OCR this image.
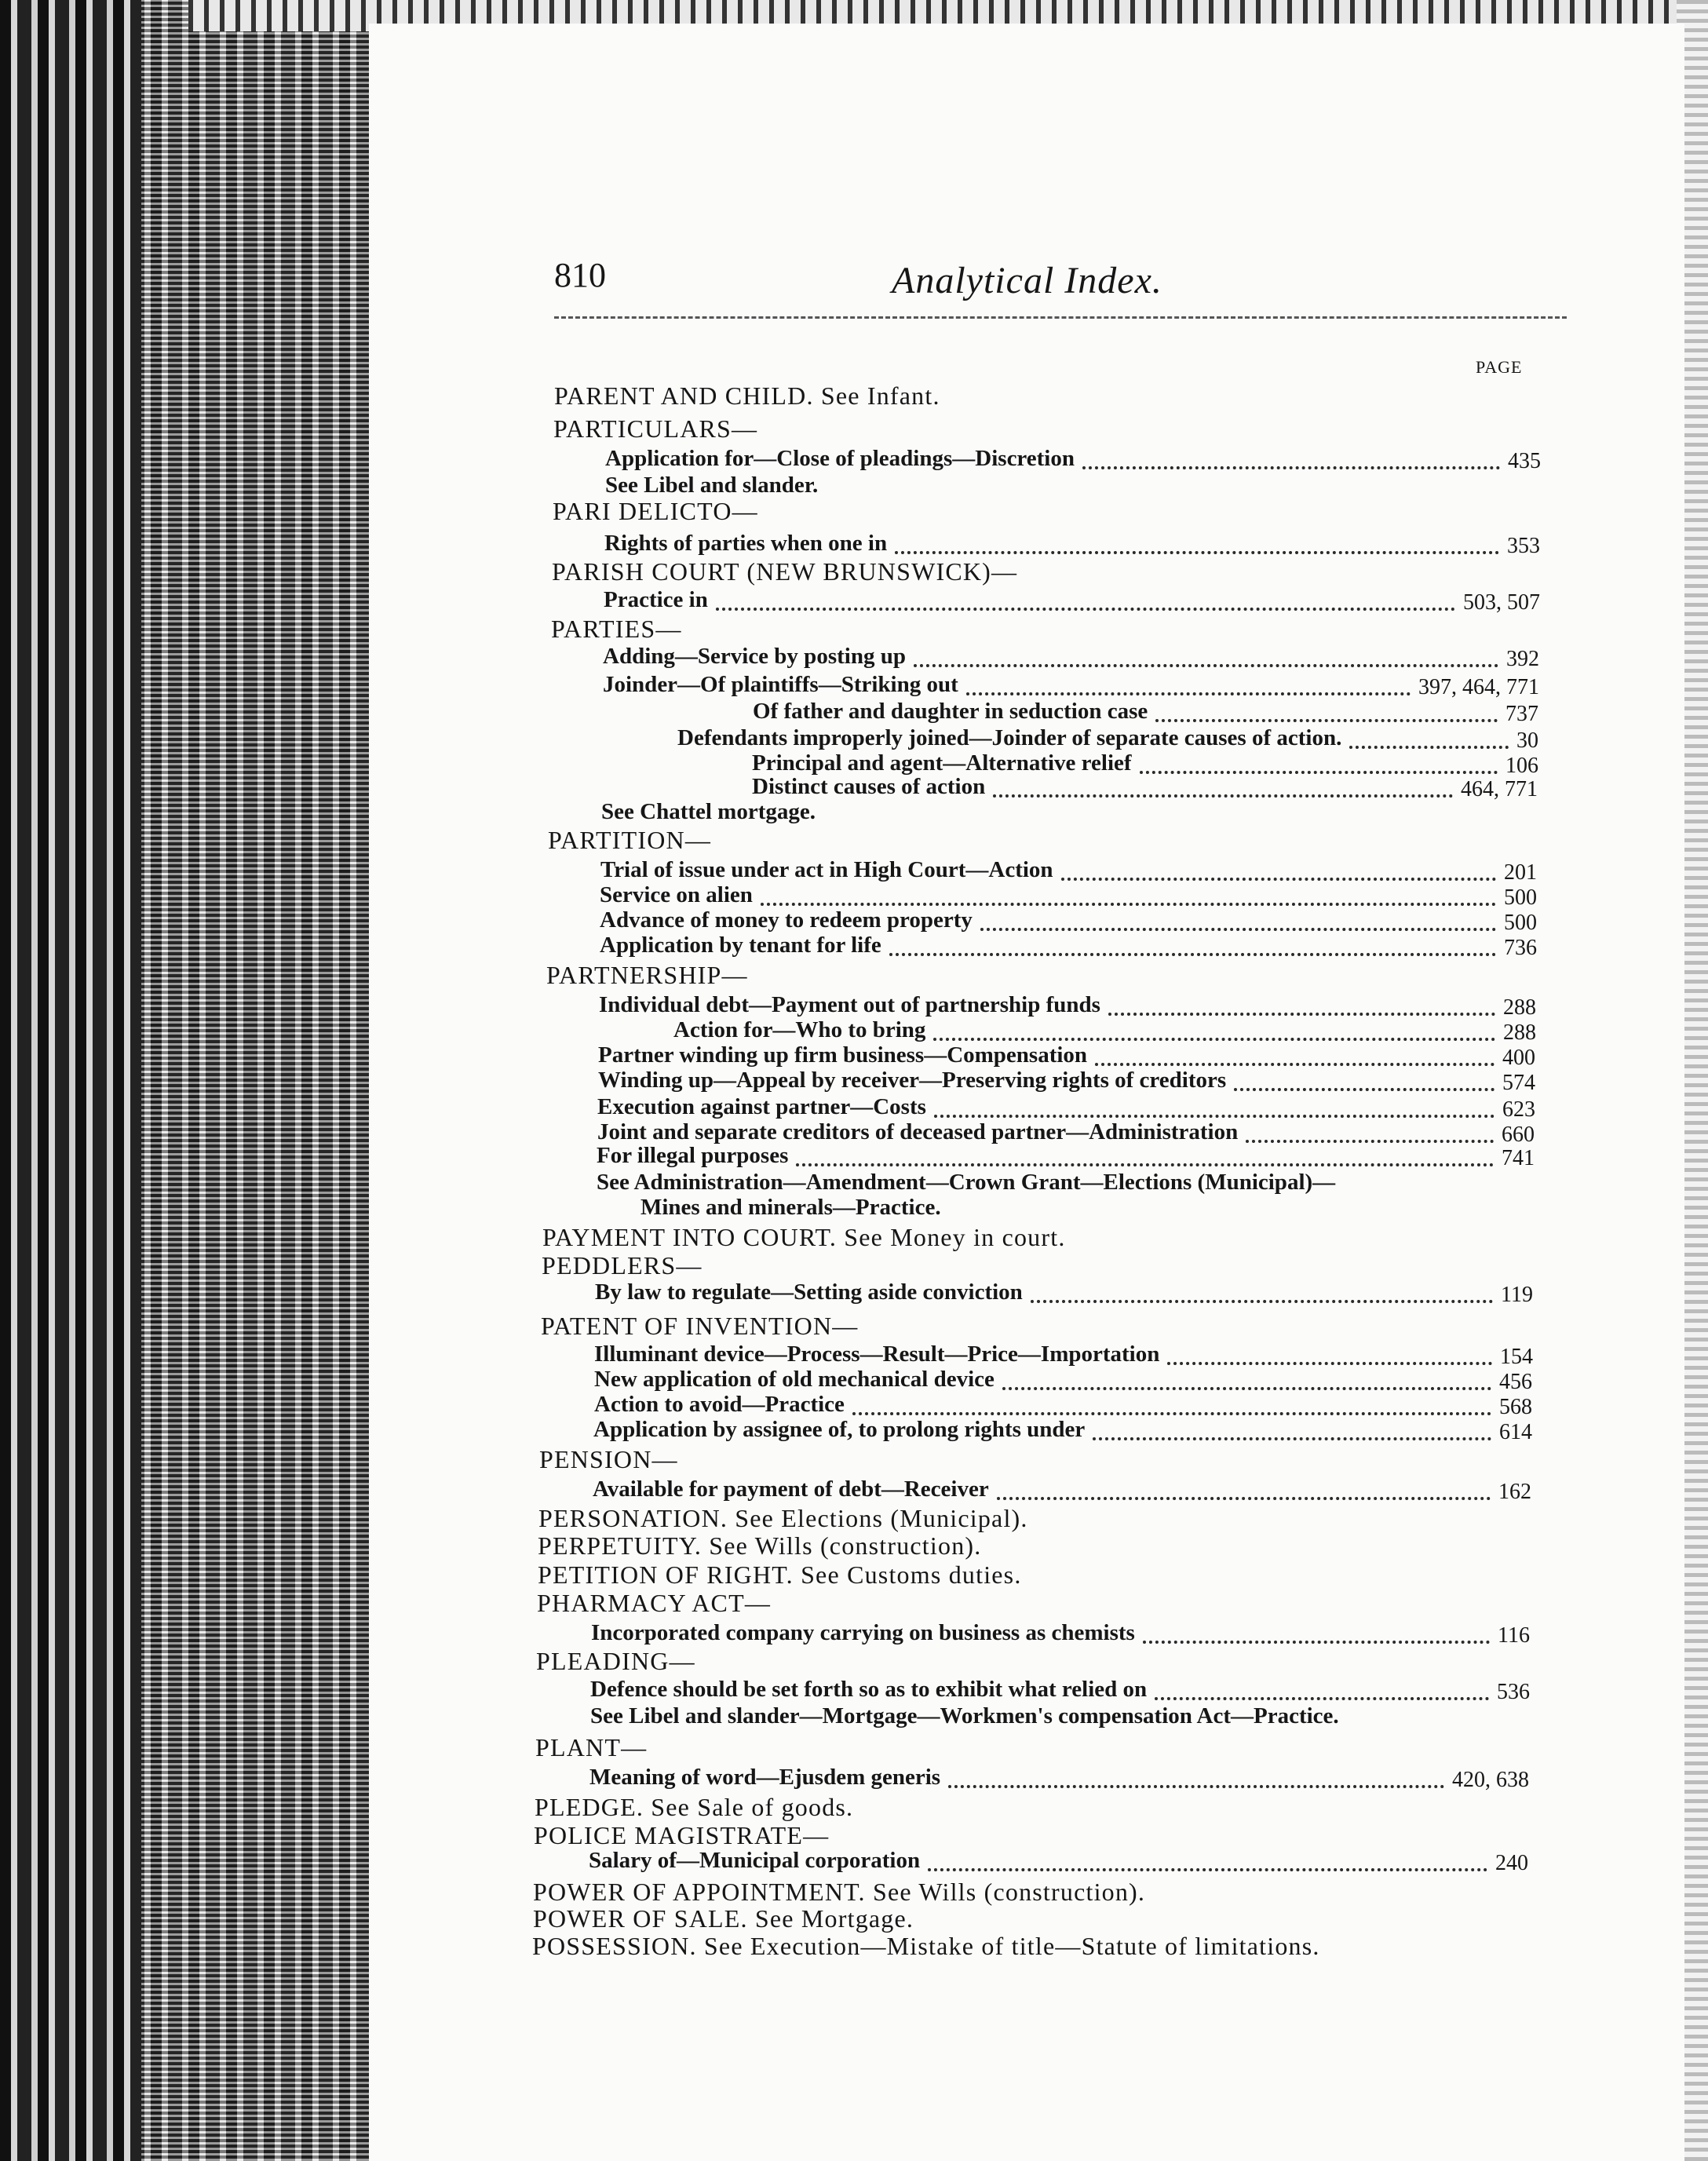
810	Analytical Index.
PAGE
PARENT AND CHILD. See Infant.
PARTICULARS—
Application for—Close of pleadings—Discretion	435
See Libel and slander.
PARI DELICTO—
Rights of parties when one in	353
PARISH COURT (NEW BRUNSWICK)—
Practice in	503, 507
PARTIES—
Adding—Service by posting up	392
Joinder—Of plaintiffs—Striking out	397, 464, 771
Of father and daughter in seduction case	737
Defendants improperly joined—Joinder of separate causes of action.	30
Principal and agent—Alternative relief	106
Distinct causes of action	464, 771
See Chattel mortgage.
PARTITION—
Trial of issue under act in High Court—Action	201
Service on alien	500
Advance of money to redeem property	500
Application by tenant for life	736
PARTNERSHIP—
Individual debt—Payment out of partnership funds	288
Action for—Who to bring	288
Partner winding up firm business—Compensation	400
Winding up—Appeal by receiver—Preserving rights of creditors	574
Execution against partner—Costs	623
Joint and separate creditors of deceased partner—Administration	660
For illegal purposes	741
See Administration—Amendment—Crown Grant—Elections (Municipal)—
Mines and minerals—Practice.
PAYMENT INTO COURT. See Money in court.
PEDDLERS—
By law to regulate—Setting aside conviction	119
PATENT OF INVENTION—
Illuminant device—Process—Result—Price—Importation	154
New application of old mechanical device	456
Action to avoid—Practice	568
Application by assignee of, to prolong rights under	614
PENSION—
Available for payment of debt—Receiver	162
PERSONATION. See Elections (Municipal).
PERPETUITY. See Wills (construction).
PETITION OF RIGHT. See Customs duties.
PHARMACY ACT—
Incorporated company carrying on business as chemists	116
PLEADING—
Defence should be set forth so as to exhibit what relied on	536
See Libel and slander—Mortgage—Workmen's compensation Act—Practice.
PLANT—
Meaning of word—Ejusdem generis	420, 638
PLEDGE. See Sale of goods.
POLICE MAGISTRATE—
Salary of—Municipal corporation	240
POWER OF APPOINTMENT. See Wills (construction).
POWER OF SALE. See Mortgage.
POSSESSION. See Execution—Mistake of title—Statute of limitations.
